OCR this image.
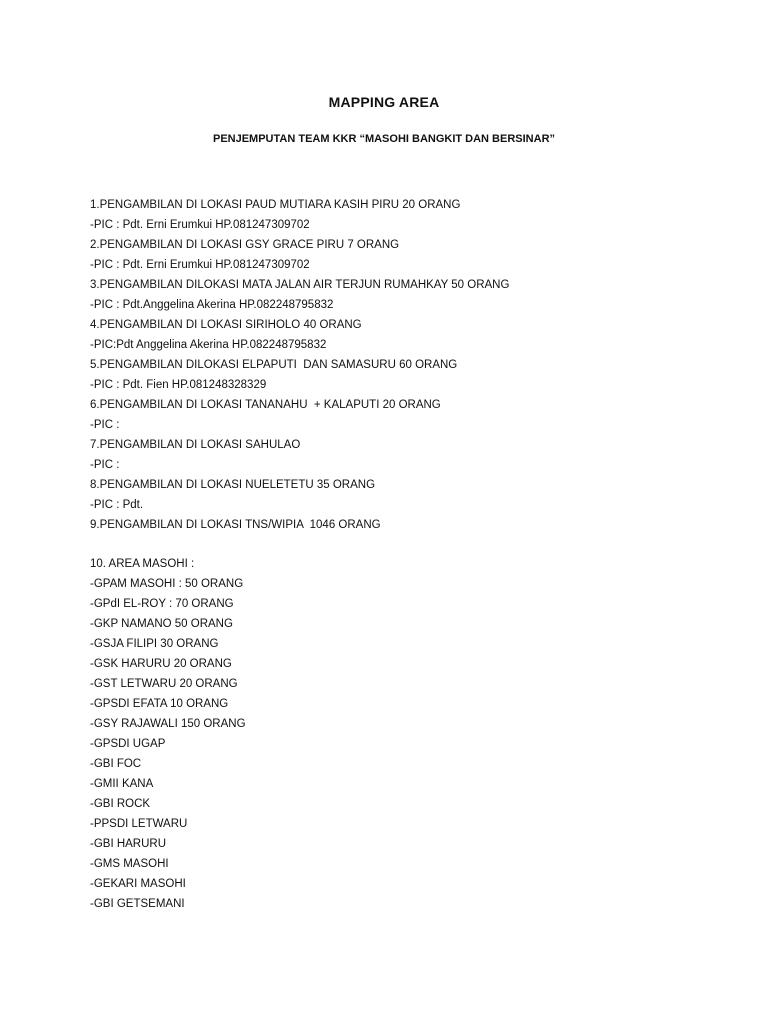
MAPPING AREA
PENJEMPUTAN TEAM KKR “MASOHI BANGKIT DAN BERSINAR”
1.PENGAMBILAN DI LOKASI PAUD MUTIARA KASIH PIRU 20 ORANG
-PIC : Pdt. Erni Erumkui HP.081247309702
2.PENGAMBILAN DI LOKASI GSY GRACE PIRU 7 ORANG
-PIC : Pdt. Erni Erumkui HP.081247309702
3.PENGAMBILAN DILOKASI MATA JALAN AIR TERJUN RUMAHKAY 50 ORANG
-PIC : Pdt.Anggelina Akerina HP.082248795832
4.PENGAMBILAN DI LOKASI SIRIHOLO 40 ORANG
-PIC:Pdt Anggelina Akerina HP.082248795832
5.PENGAMBILAN DILOKASI ELPAPUTI  DAN SAMASURU 60 ORANG
-PIC : Pdt. Fien HP.081248328329
6.PENGAMBILAN DI LOKASI TANANAHU  + KALAPUTI 20 ORANG
-PIC :
7.PENGAMBILAN DI LOKASI SAHULAO
-PIC :
8.PENGAMBILAN DI LOKASI NUELETETU 35 ORANG
-PIC : Pdt.
9.PENGAMBILAN DI LOKASI TNS/WIPIA  1046 ORANG
10. AREA MASOHI :
-GPAM MASOHI : 50 ORANG
-GPdI EL-ROY : 70 ORANG
-GKP NAMANO 50 ORANG
-GSJA FILIPI 30 ORANG
-GSK HARURU 20 ORANG
-GST LETWARU 20 ORANG
-GPSDI EFATA 10 ORANG
-GSY RAJAWALI 150 ORANG
-GPSDI UGAP
-GBI FOC
-GMII KANA
-GBI ROCK
-PPSDI LETWARU
-GBI HARURU
-GMS MASOHI
-GEKARI MASOHI
-GBI GETSEMANI
